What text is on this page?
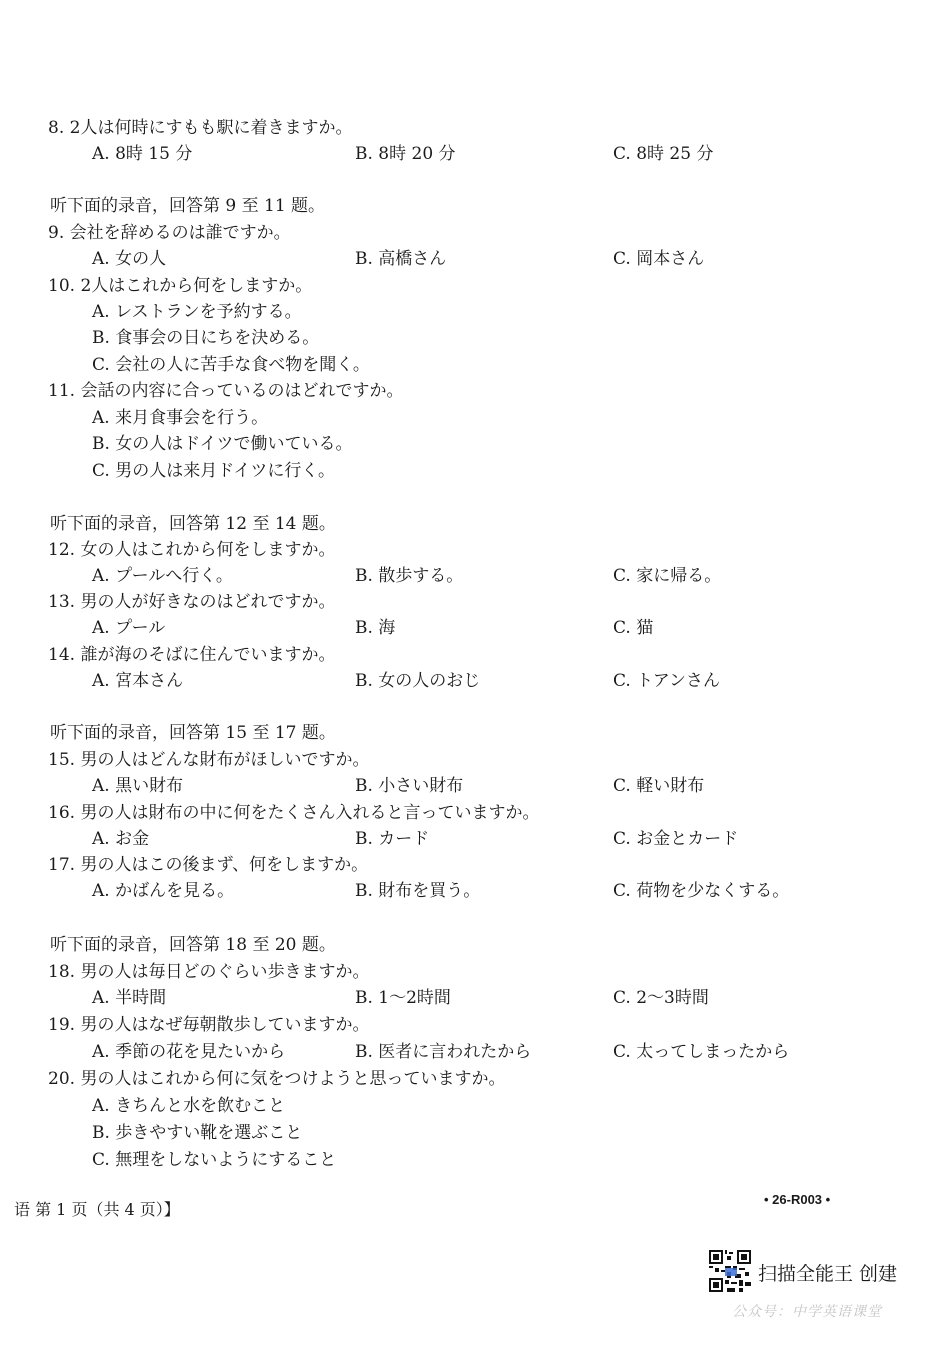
8. 2人は何時にすもも駅に着きますか。
A. 8時 15 分	B. 8時 20 分	C. 8時 25 分
听下面的录音，回答第 9 至 11 题。
9. 会社を辞めるのは誰ですか。
A. 女の人	B. 高橋さん	C. 岡本さん
10. 2人はこれから何をしますか。
A. レストランを予約する。
B. 食事会の日にちを決める。
C. 会社の人に苦手な食べ物を聞く。
11. 会話の内容に合っているのはどれですか。
A. 来月食事会を行う。
B. 女の人はドイツで働いている。
C. 男の人は来月ドイツに行く。
听下面的录音，回答第 12 至 14 题。
12. 女の人はこれから何をしますか。
A. プールへ行く。	B. 散歩する。	C. 家に帰る。
13. 男の人が好きなのはどれですか。
A. プール	B. 海	C. 猫
14. 誰が海のそばに住んでいますか。
A. 宮本さん	B. 女の人のおじ	C. トアンさん
听下面的录音，回答第 15 至 17 题。
15. 男の人はどんな財布がほしいですか。
A. 黒い財布	B. 小さい財布	C. 軽い財布
16. 男の人は財布の中に何をたくさん入れると言っていますか。
A. お金	B. カード	C. お金とカード
17. 男の人はこの後まず、何をしますか。
A. かばんを見る。	B. 財布を買う。	C. 荷物を少なくする。
听下面的录音，回答第 18 至 20 题。
18. 男の人は毎日どのぐらい歩きますか。
A. 半時間	B. 1〜2時間	C. 2〜3時間
19. 男の人はなぜ毎朝散歩していますか。
A. 季節の花を見たいから	B. 医者に言われたから	C. 太ってしまったから
20. 男の人はこれから何に気をつけようと思っていますか。
A. きちんと水を飲むこと
B. 歩きやすい靴を選ぶこと
C. 無理をしないようにすること
语 第 1 页（共 4 页）】
• 26-R003 •
扫描全能王 创建
公众号：中学英语课堂
